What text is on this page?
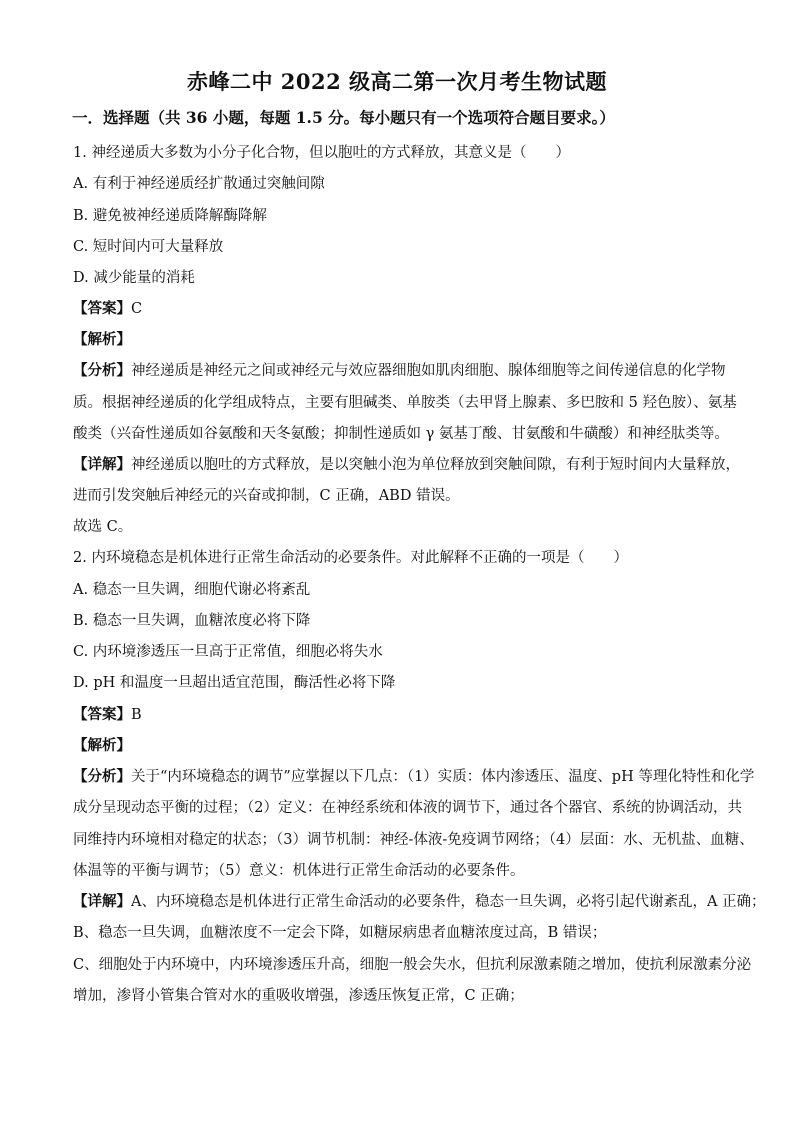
赤峰二中 2022 级高二第一次月考生物试题
一．选择题（共 36 小题，每题 1.5 分。每小题只有一个选项符合题目要求。）
1. 神经递质大多数为小分子化合物，但以胞吐的方式释放，其意义是（　　）
A. 有利于神经递质经扩散通过突触间隙
B. 避免被神经递质降解酶降解
C. 短时间内可大量释放
D. 减少能量的消耗
【答案】C
【解析】
【分析】神经递质是神经元之间或神经元与效应器细胞如肌肉细胞、腺体细胞等之间传递信息的化学物
质。根据神经递质的化学组成特点，主要有胆碱类、单胺类（去甲肾上腺素、多巴胺和 5 羟色胺）、氨基
酸类（兴奋性递质如谷氨酸和天冬氨酸；抑制性递质如 γ 氨基丁酸、甘氨酸和牛磺酸）和神经肽类等。
【详解】神经递质以胞吐的方式释放，是以突触小泡为单位释放到突触间隙，有利于短时间内大量释放，
进而引发突触后神经元的兴奋或抑制，C 正确，ABD 错误。
故选 C。
2. 内环境稳态是机体进行正常生命活动的必要条件。对此解释不正确的一项是（　　）
A. 稳态一旦失调，细胞代谢必将紊乱
B. 稳态一旦失调，血糖浓度必将下降
C. 内环境渗透压一旦高于正常值，细胞必将失水
D. pH 和温度一旦超出适宜范围，酶活性必将下降
【答案】B
【解析】
【分析】关于“内环境稳态的调节”应掌握以下几点：（1）实质：体内渗透压、温度、pH 等理化特性和化学
成分呈现动态平衡的过程；（2）定义：在神经系统和体液的调节下，通过各个器官、系统的协调活动，共
同维持内环境相对稳定的状态；（3）调节机制：神经-体液-免疫调节网络；（4）层面：水、无机盐、血糖、
体温等的平衡与调节；（5）意义：机体进行正常生命活动的必要条件。
【详解】A、内环境稳态是机体进行正常生命活动的必要条件，稳态一旦失调，必将引起代谢紊乱，A 正确；
B、稳态一旦失调，血糖浓度不一定会下降，如糖尿病患者血糖浓度过高，B 错误；
C、细胞处于内环境中，内环境渗透压升高，细胞一般会失水，但抗利尿激素随之增加，使抗利尿激素分泌
增加，渗肾小管集合管对水的重吸收增强，渗透压恢复正常，C 正确；
